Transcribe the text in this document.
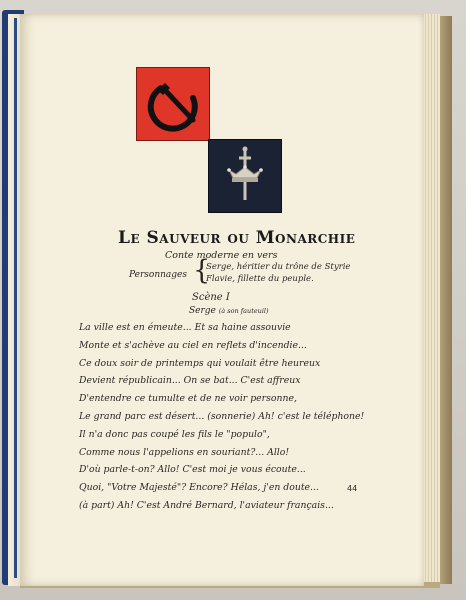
Le Sauveur ou Monarchie
Conte moderne en vers
Personnages {
Serge, héritier du trône de Styrie
Flavie, fillette du peuple.
Scène I
Serge (à son fauteuil)
La ville est en émeute... Et sa haine assouvie
Monte et s'achève au ciel en reflets d'incendie...
Ce doux soir de printemps qui voulait être heureux
Devient républicain... On se bat... C'est affreux
D'entendre ce tumulte et de ne voir personne,
Le grand parc est désert... (sonnerie) Ah! c'est le téléphone!
Il n'a donc pas coupé les fils le "populo",
Comme nous l'appelions en souriant?... Allo!
D'où parle-t-on? Allo! C'est moi je vous écoute...
Quoi, "Votre Majesté"? Encore? Hélas, j'en doute...
(à part) Ah! C'est André Bernard, l'aviateur français...
44
